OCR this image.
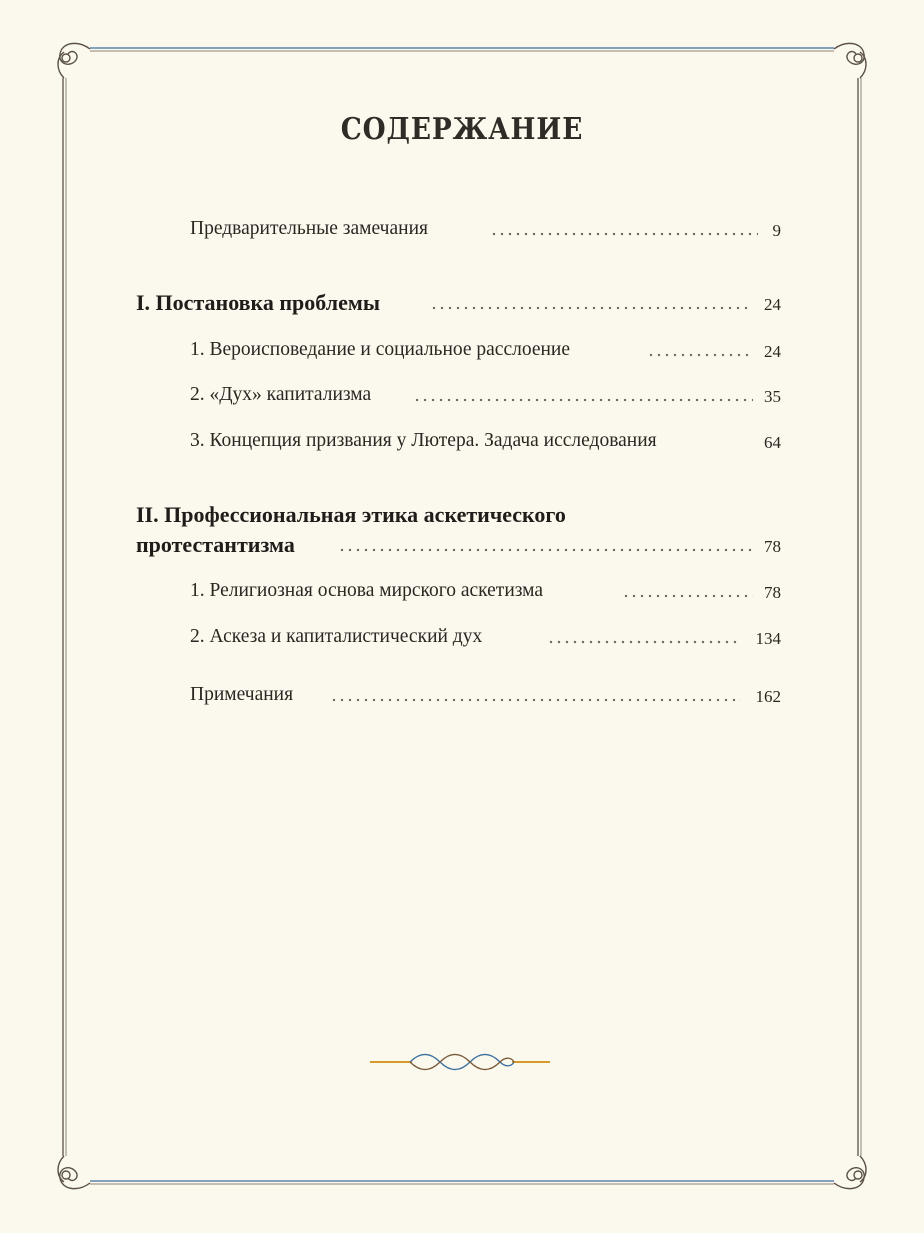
СОДЕРЖАНИЕ
Предварительные замечания	9
I. Постановка проблемы	24
1. Вероисповедание и социальное расслоение	24
2. «Дух» капитализма	35
3. Концепция призвания у Лютера. Задача исследования	64
II. Профессиональная этика аскетического
протестантизма	78
1. Религиозная основа мирского аскетизма	78
2. Аскеза и капиталистический дух	134
Примечания	162
